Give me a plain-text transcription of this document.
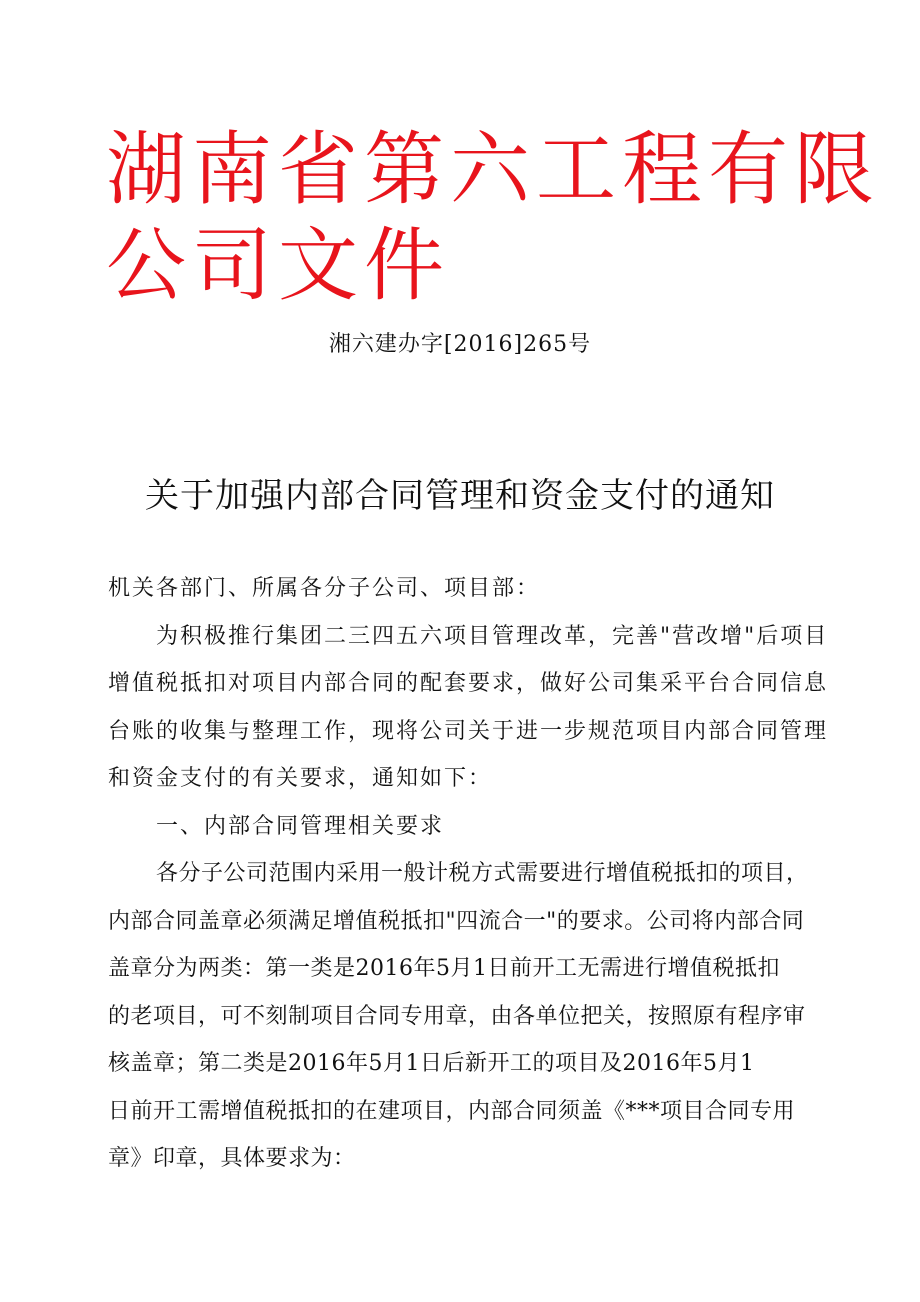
湖南省第六工程有限
公司文件
湘六建办字[2016]265号
关于加强内部合同管理和资金支付的通知

机关各部门、所属各分子公司、项目部：

为积极推行集团二三四五六项目管理改革，完善"营改增"后项目
增值税抵扣对项目内部合同的配套要求，做好公司集采平台合同信息
台账的收集与整理工作，现将公司关于进一步规范项目内部合同管理
和资金支付的有关要求，通知如下：

一、内部合同管理相关要求

各分子公司范围内采用一般计税方式需要进行增值税抵扣的项目，
内部合同盖章必须满足增值税抵扣"四流合一"的要求。公司将内部合同
盖章分为两类：第一类是2016年5月1日前开工无需进行增值税抵扣
的老项目，可不刻制项目合同专用章，由各单位把关，按照原有程序审
核盖章；第二类是2016年5月1日后新开工的项目及2016年5月1
日前开工需增值税抵扣的在建项目，内部合同须盖《***项目合同专用
章》印章，具体要求为：
